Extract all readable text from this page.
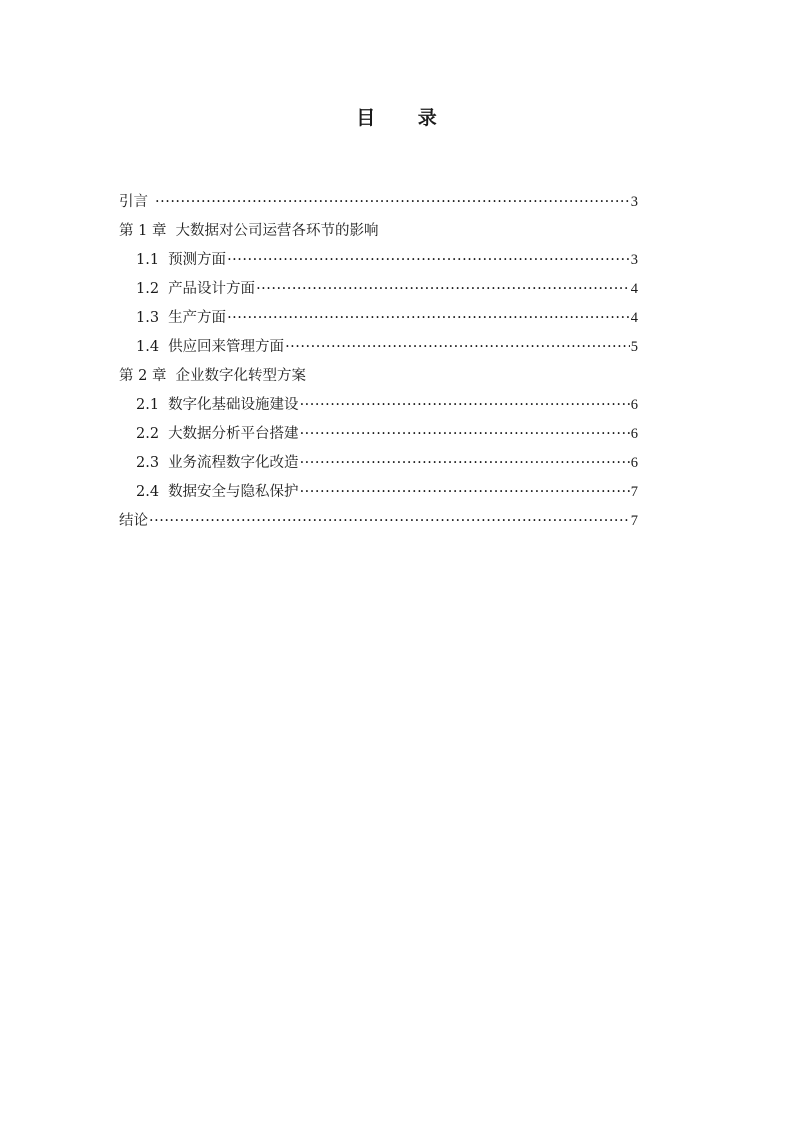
目 录
引言 ·····	3
第 1 章 大数据对公司运营各环节的影响
1.1 预测方面 ·····	3
1.2 产品设计方面 ·····	4
1.3 生产方面 ·····	4
1.4 供应回来管理方面 ·····	5
第 2 章 企业数字化转型方案
2.1 数字化基础设施建设 ·····	6
2.2 大数据分析平台搭建 ·····	6
2.3 业务流程数字化改造 ·····	6
2.4 数据安全与隐私保护 ·····	7
结论 ·····	7
